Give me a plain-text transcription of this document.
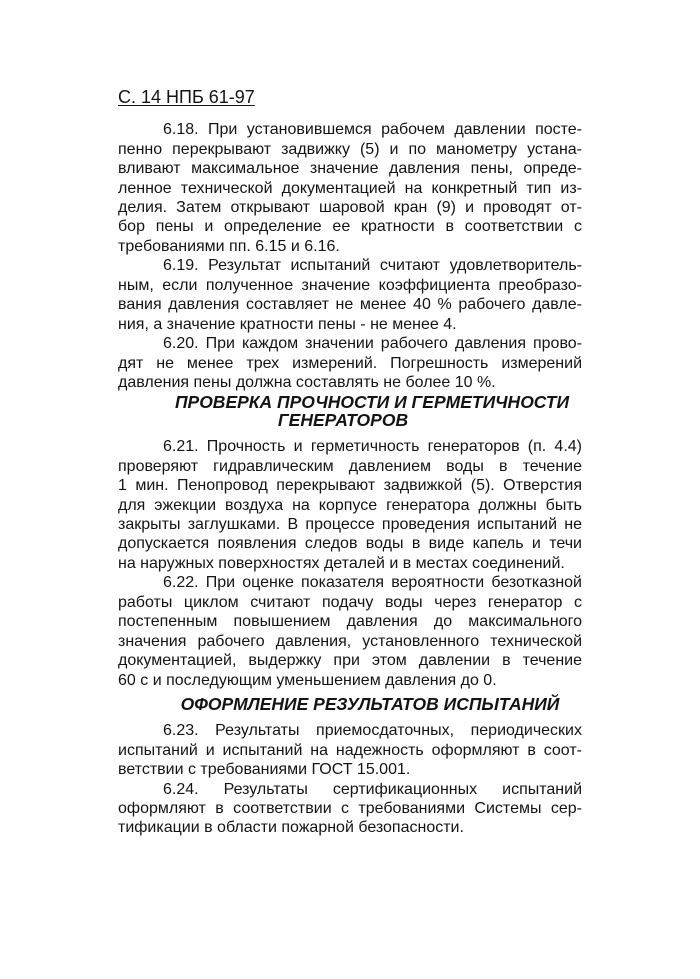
С. 14 НПБ 61-97
6.18. При установившемся рабочем давлении посте-
пенно перекрывают задвижку (5) и по манометру устана-
вливают максимальное значение давления пены, опреде-
ленное технической документацией на конкретный тип из-
делия. Затем открывают шаровой кран (9) и проводят от-
бор пены и определение ее кратности в соответствии с
требованиями пп. 6.15 и 6.16.
6.19. Результат испытаний считают удовлетворитель-
ным, если полученное значение коэффициента преобразо-
вания давления составляет не менее 40 % рабочего давле-
ния, а значение кратности пены - не менее 4.
6.20. При каждом значении рабочего давления прово-
дят не менее трех измерений. Погрешность измерений
давления пены должна составлять не более 10 %.
ПРОВЕРКА ПРОЧНОСТИ И ГЕРМЕТИЧНОСТИ
ГЕНЕРАТОРОВ
6.21. Прочность и герметичность генераторов (п. 4.4)
проверяют гидравлическим давлением воды в течение
1 мин. Пенопровод перекрывают задвижкой (5). Отверстия
для эжекции воздуха на корпусе генератора должны быть
закрыты заглушками. В процессе проведения испытаний не
допускается появления следов воды в виде капель и течи
на наружных поверхностях деталей и в местах соединений.
6.22. При оценке показателя вероятности безотказной
работы циклом считают подачу воды через генератор с
постепенным повышением давления до максимального
значения рабочего давления, установленного технической
документацией, выдержку при этом давлении в течение
60 с и последующим уменьшением давления до 0.
ОФОРМЛЕНИЕ РЕЗУЛЬТАТОВ ИСПЫТАНИЙ
6.23. Результаты приемосдаточных, периодических
испытаний и испытаний на надежность оформляют в соот-
ветствии с требованиями ГОСТ 15.001.
6.24. Результаты сертификационных испытаний
оформляют в соответствии с требованиями Системы сер-
тификации в области пожарной безопасности.
